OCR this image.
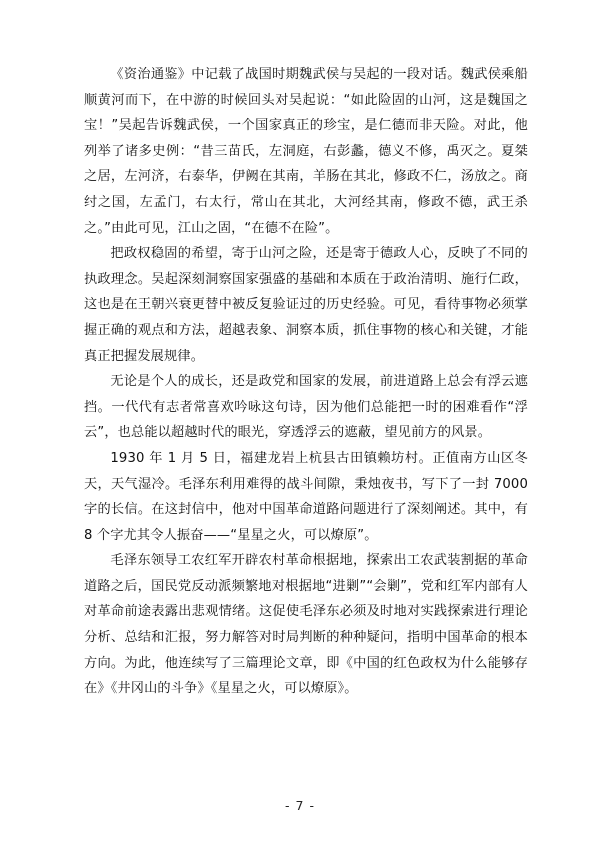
《资治通鉴》中记载了战国时期魏武侯与吴起的一段对话。魏武侯乘船顺黄河而下，在中游的时候回头对吴起说：“如此险固的山河，这是魏国之宝！”吴起告诉魏武侯，一个国家真正的珍宝，是仁德而非天险。对此，他列举了诸多史例：“昔三苗氏，左洞庭，右彭蠡，德义不修，禹灭之。夏桀之居，左河济，右泰华，伊阙在其南，羊肠在其北，修政不仁，汤放之。商纣之国，左孟门，右太行，常山在其北，大河经其南，修政不德，武王杀之。”由此可见，江山之固，“在德不在险”。

把政权稳固的希望，寄于山河之险，还是寄于德政人心，反映了不同的执政理念。吴起深刻洞察国家强盛的基础和本质在于政治清明、施行仁政，这也是在王朝兴衰更替中被反复验证过的历史经验。可见，看待事物必须掌握正确的观点和方法，超越表象、洞察本质，抓住事物的核心和关键，才能真正把握发展规律。

无论是个人的成长，还是政党和国家的发展，前进道路上总会有浮云遮挡。一代代有志者常喜欢吟咏这句诗，因为他们总能把一时的困难看作“浮云”，也总能以超越时代的眼光，穿透浮云的遮蔽，望见前方的风景。

1930 年 1 月 5 日，福建龙岩上杭县古田镇赖坊村。正值南方山区冬天，天气湿冷。毛泽东利用难得的战斗间隙，秉烛夜书，写下了一封 7000 字的长信。在这封信中，他对中国革命道路问题进行了深刻阐述。其中，有 8 个字尤其令人振奋——“星星之火，可以燎原”。

毛泽东领导工农红军开辟农村革命根据地，探索出工农武装割据的革命道路之后，国民党反动派频繁地对根据地“进剿”“会剿”，党和红军内部有人对革命前途表露出悲观情绪。这促使毛泽东必须及时地对实践探索进行理论分析、总结和汇报，努力解答对时局判断的种种疑问，指明中国革命的根本方向。为此，他连续写了三篇理论文章，即《中国的红色政权为什么能够存在》《井冈山的斗争》《星星之火，可以燎原》。

- 7 -
